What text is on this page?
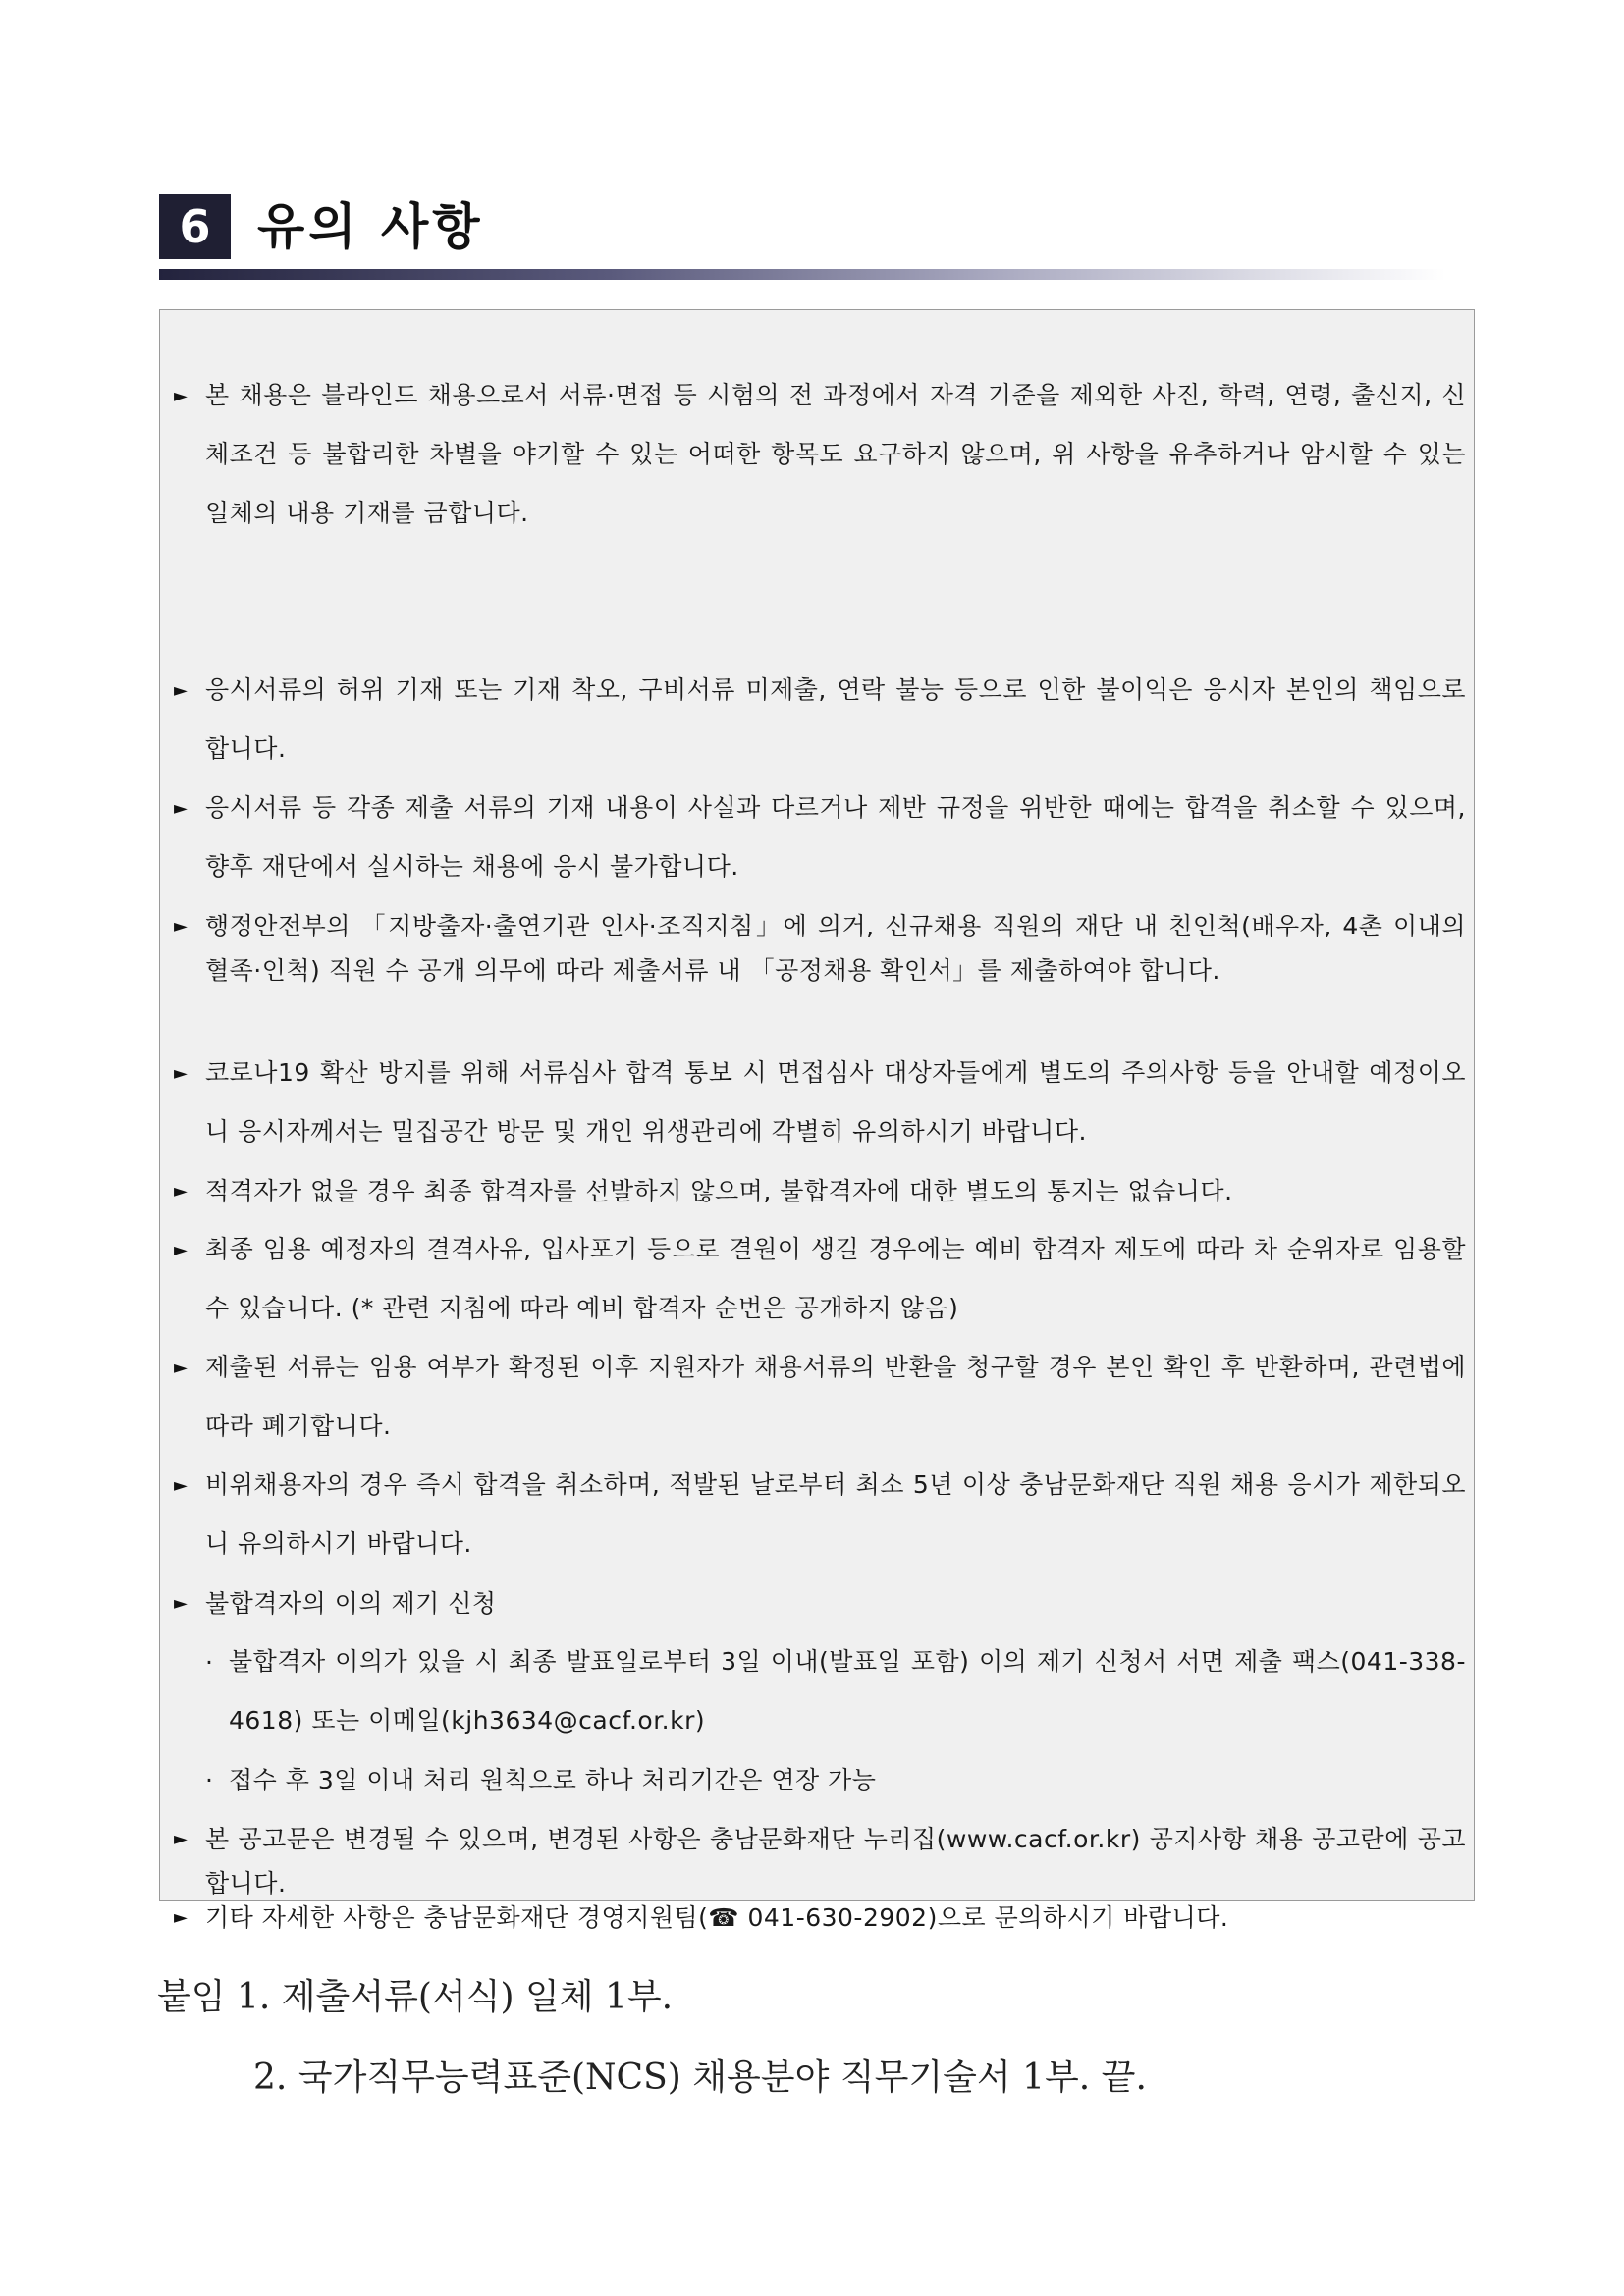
6 유의 사항
► 본 채용은 블라인드 채용으로서 서류·면접 등 시험의 전 과정에서 자격 기준을 제외한 사진, 학력, 연령, 출신지, 신체조건 등 불합리한 차별을 야기할 수 있는 어떠한 항목도 요구하지 않으며, 위 사항을 유추하거나 암시할 수 있는 일체의 내용 기재를 금합니다.

► 응시서류의 허위 기재 또는 기재 착오, 구비서류 미제출, 연락 불능 등으로 인한 불이익은 응시자 본인의 책임으로 합니다.

► 응시서류 등 각종 제출 서류의 기재 내용이 사실과 다르거나 제반 규정을 위반한 때에는 합격을 취소할 수 있으며, 향후 재단에서 실시하는 채용에 응시 불가합니다.

► 행정안전부의 「지방출자·출연기관 인사·조직지침」에 의거, 신규채용 직원의 재단 내 친인척(배우자, 4촌 이내의 혈족·인척) 직원 수 공개 의무에 따라 제출서류 내 「공정채용 확인서」를 제출하여야 합니다.

► 코로나19 확산 방지를 위해 서류심사 합격 통보 시 면접심사 대상자들에게 별도의 주의사항 등을 안내할 예정이오니 응시자께서는 밀집공간 방문 및 개인 위생관리에 각별히 유의하시기 바랍니다.

► 적격자가 없을 경우 최종 합격자를 선발하지 않으며, 불합격자에 대한 별도의 통지는 없습니다.

► 최종 임용 예정자의 결격사유, 입사포기 등으로 결원이 생길 경우에는 예비 합격자 제도에 따라 차 순위자로 임용할 수 있습니다. (* 관련 지침에 따라 예비 합격자 순번은 공개하지 않음)

► 제출된 서류는 임용 여부가 확정된 이후 지원자가 채용서류의 반환을 청구할 경우 본인 확인 후 반환하며, 관련법에 따라 폐기합니다.

► 비위채용자의 경우 즉시 합격을 취소하며, 적발된 날로부터 최소 5년 이상 충남문화재단 직원 채용 응시가 제한되오니 유의하시기 바랍니다.

► 불합격자의 이의 제기 신청

· 불합격자 이의가 있을 시 최종 발표일로부터 3일 이내(발표일 포함) 이의 제기 신청서 서면 제출 팩스(041-338-4618) 또는 이메일(kjh3634@cacf.or.kr)

· 접수 후 3일 이내 처리 원칙으로 하나 처리기간은 연장 가능

► 본 공고문은 변경될 수 있으며, 변경된 사항은 충남문화재단 누리집(www.cacf.or.kr) 공지사항 채용 공고란에 공고합니다.

► 기타 자세한 사항은 충남문화재단 경영지원팀(☎ 041-630-2902)으로 문의하시기 바랍니다.

붙임 1. 제출서류(서식) 일체 1부.
2. 국가직무능력표준(NCS) 채용분야 직무기술서 1부. 끝.
